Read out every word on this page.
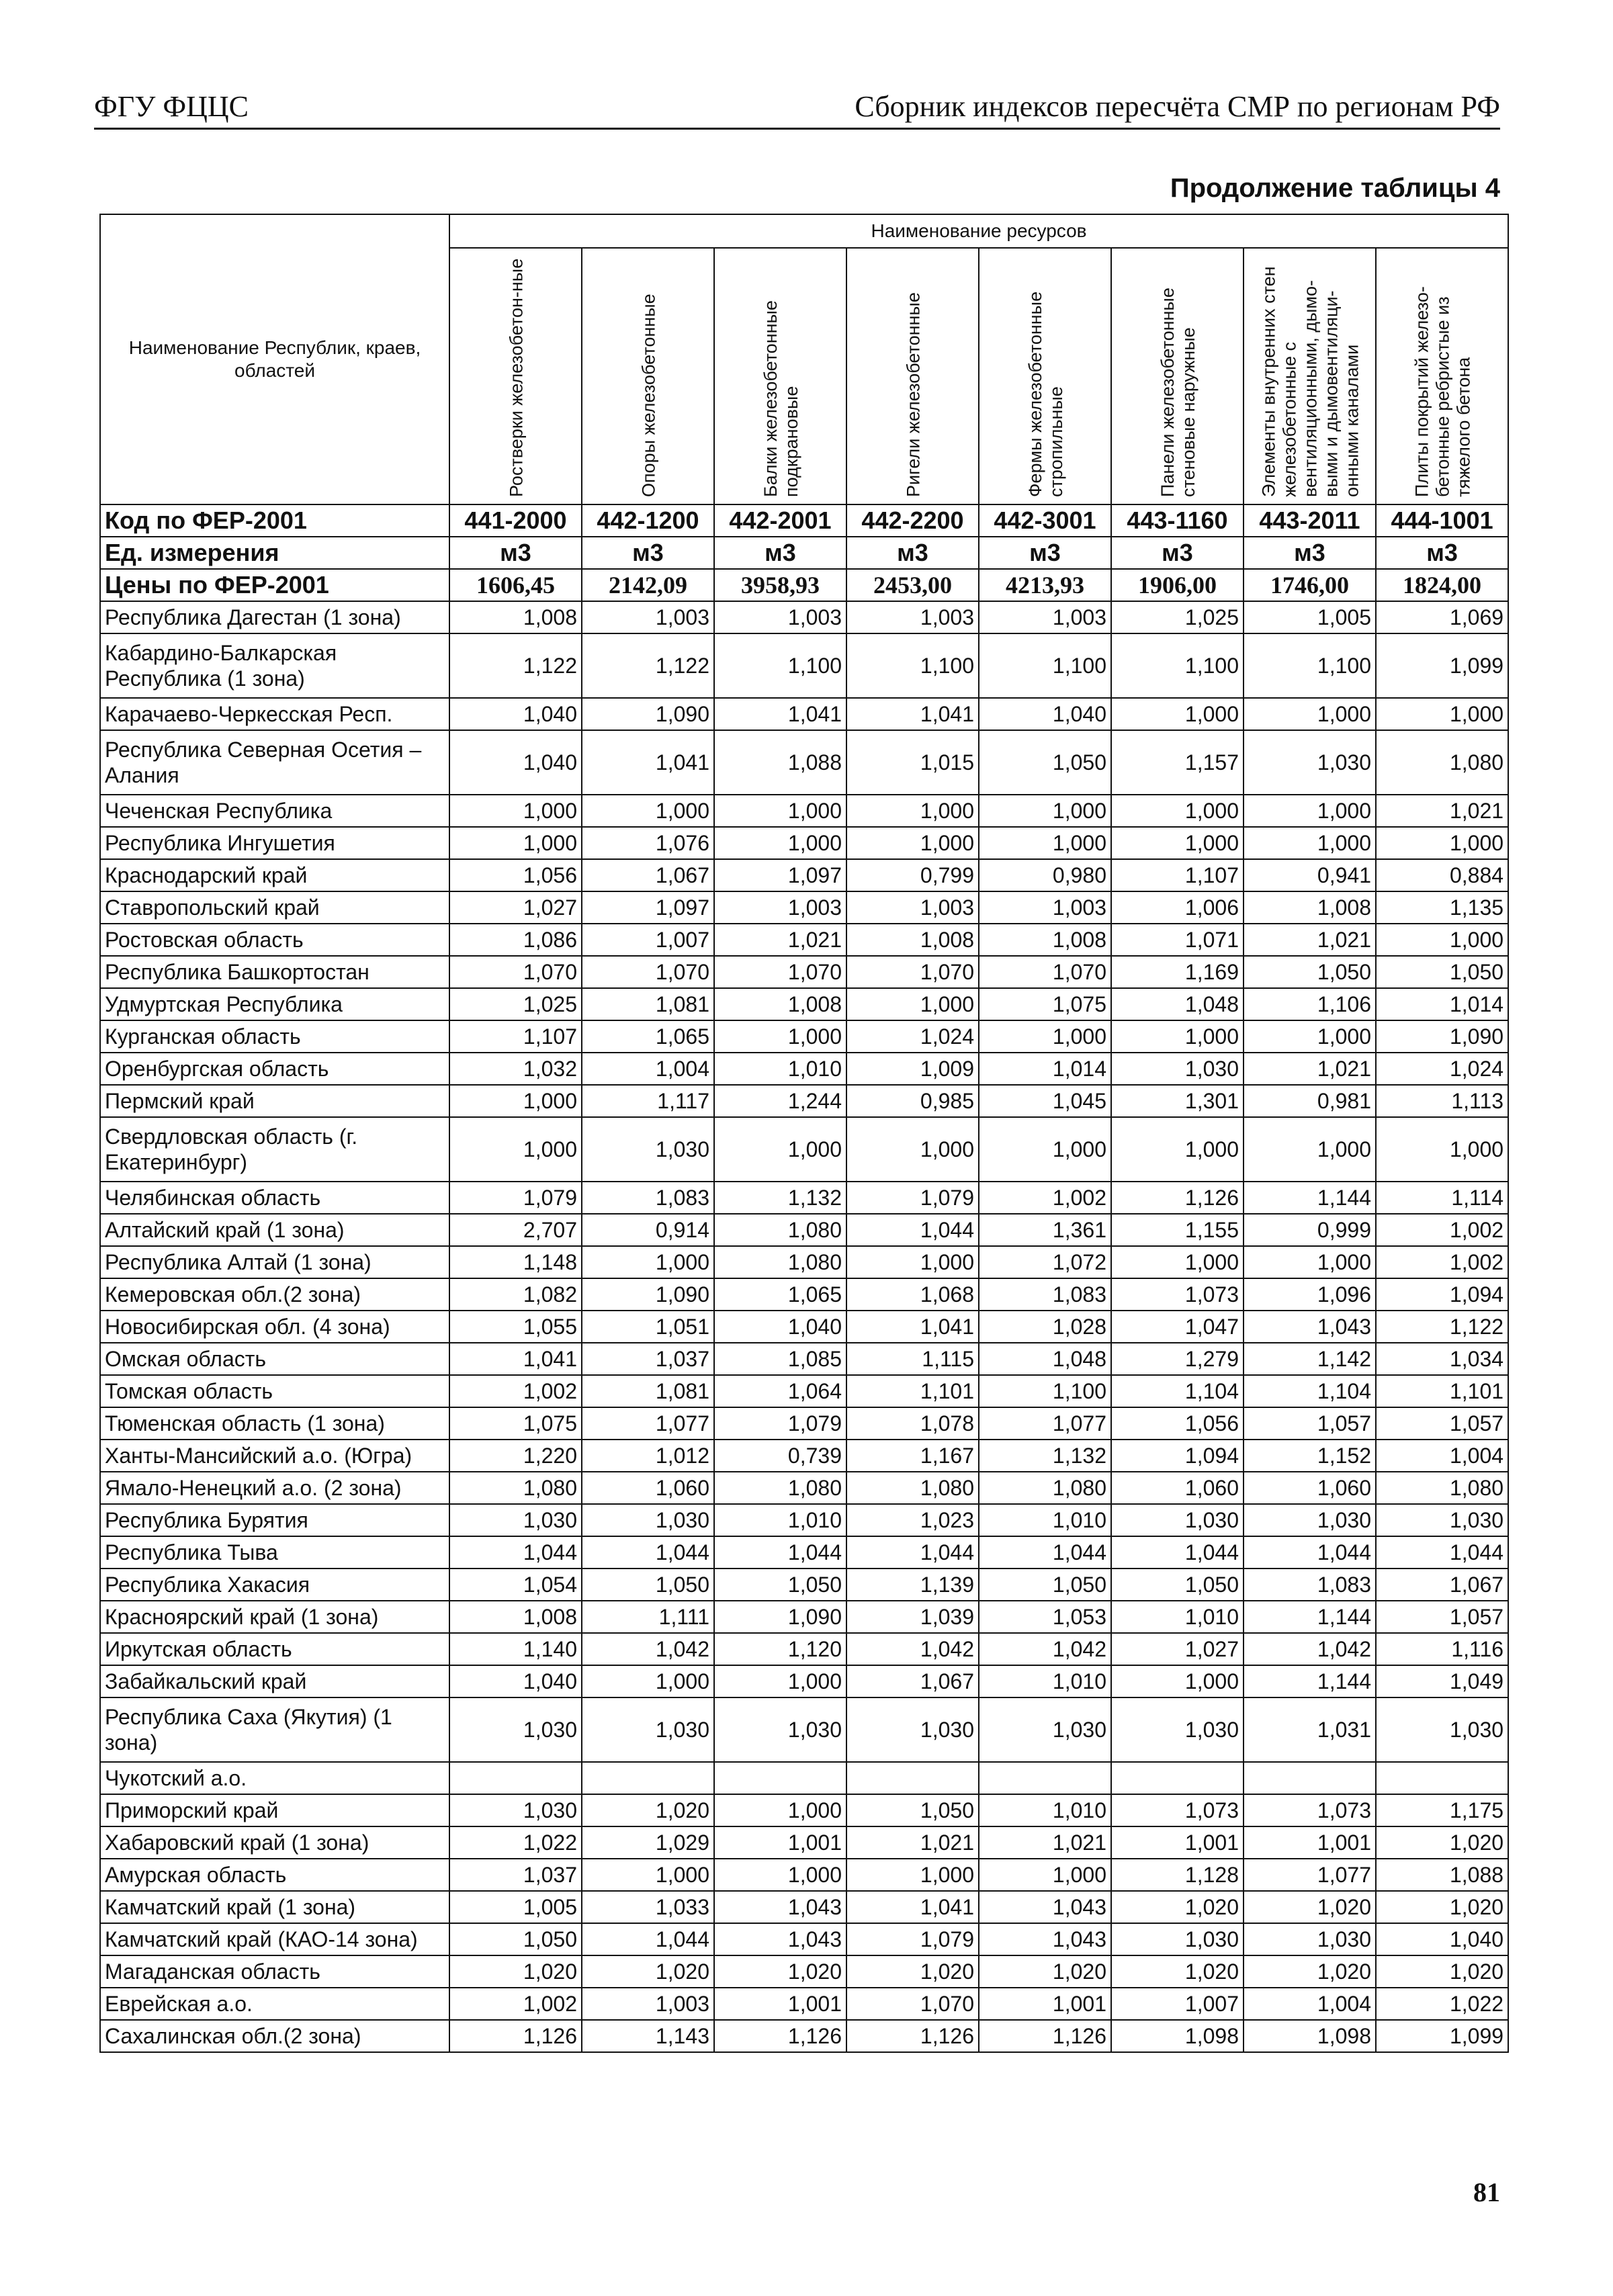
ФГУ ФЦЦС	Сборник индексов пересчёта СМР по регионам РФ
Продолжение таблицы 4
Наименование Республик, краев, областей	Наименование ресурсов							

	Ростверки железобетон-ные	Опоры железобетонные	Балки железобетонные подкрановые	Ригели железобетонные	Фермы железобетонные стропильные	Панели железобетонные стеновые наружные	Элементы внутренних стен железобетонные с вентиляционными, дымо-выми и дымовентиляци-онными каналами	Плиты покрытий железо-бетонные ребристые из тяжелого бетона

Код по ФЕР-2001	441-2000	442-1200	442-2001	442-2200	442-3001	443-1160	443-2011	444-1001
Ед. измерения	м3	м3	м3	м3	м3	м3	м3	м3
Цены по ФЕР-2001	1606,45	2142,09	3958,93	2453,00	4213,93	1906,00	1746,00	1824,00
Республика Дагестан (1 зона)	1,008	1,003	1,003	1,003	1,003	1,025	1,005	1,069
Кабардино-Балкарская Республика (1 зона)	1,122	1,122	1,100	1,100	1,100	1,100	1,100	1,099
Карачаево-Черкесская Респ.	1,040	1,090	1,041	1,041	1,040	1,000	1,000	1,000
Республика Северная Осетия – Алания	1,040	1,041	1,088	1,015	1,050	1,157	1,030	1,080
Чеченская Республика	1,000	1,000	1,000	1,000	1,000	1,000	1,000	1,021
Республика Ингушетия	1,000	1,076	1,000	1,000	1,000	1,000	1,000	1,000
Краснодарский край	1,056	1,067	1,097	0,799	0,980	1,107	0,941	0,884
Ставропольский край	1,027	1,097	1,003	1,003	1,003	1,006	1,008	1,135
Ростовская область	1,086	1,007	1,021	1,008	1,008	1,071	1,021	1,000
Республика Башкортостан	1,070	1,070	1,070	1,070	1,070	1,169	1,050	1,050
Удмуртская Республика	1,025	1,081	1,008	1,000	1,075	1,048	1,106	1,014
Курганская область	1,107	1,065	1,000	1,024	1,000	1,000	1,000	1,090
Оренбургская область	1,032	1,004	1,010	1,009	1,014	1,030	1,021	1,024
Пермский край	1,000	1,117	1,244	0,985	1,045	1,301	0,981	1,113
Свердловская область (г. Екатеринбург)	1,000	1,030	1,000	1,000	1,000	1,000	1,000	1,000
Челябинская область	1,079	1,083	1,132	1,079	1,002	1,126	1,144	1,114
Алтайский край (1 зона)	2,707	0,914	1,080	1,044	1,361	1,155	0,999	1,002
Республика Алтай (1 зона)	1,148	1,000	1,080	1,000	1,072	1,000	1,000	1,002
Кемеровская обл.(2 зона)	1,082	1,090	1,065	1,068	1,083	1,073	1,096	1,094
Новосибирская обл. (4 зона)	1,055	1,051	1,040	1,041	1,028	1,047	1,043	1,122
Омская область	1,041	1,037	1,085	1,115	1,048	1,279	1,142	1,034
Томская область	1,002	1,081	1,064	1,101	1,100	1,104	1,104	1,101
Тюменская область (1 зона)	1,075	1,077	1,079	1,078	1,077	1,056	1,057	1,057
Ханты-Мансийский а.о. (Югра)	1,220	1,012	0,739	1,167	1,132	1,094	1,152	1,004
Ямало-Ненецкий а.о. (2 зона)	1,080	1,060	1,080	1,080	1,080	1,060	1,060	1,080
Республика Бурятия	1,030	1,030	1,010	1,023	1,010	1,030	1,030	1,030
Республика Тыва	1,044	1,044	1,044	1,044	1,044	1,044	1,044	1,044
Республика Хакасия	1,054	1,050	1,050	1,139	1,050	1,050	1,083	1,067
Красноярский край (1 зона)	1,008	1,111	1,090	1,039	1,053	1,010	1,144	1,057
Иркутская область	1,140	1,042	1,120	1,042	1,042	1,027	1,042	1,116
Забайкальский край	1,040	1,000	1,000	1,067	1,010	1,000	1,144	1,049
Республика Саха (Якутия) (1 зона)	1,030	1,030	1,030	1,030	1,030	1,030	1,031	1,030
Чукотский а.о.								
Приморский край	1,030	1,020	1,000	1,050	1,010	1,073	1,073	1,175
Хабаровский край (1 зона)	1,022	1,029	1,001	1,021	1,021	1,001	1,001	1,020
Амурская область	1,037	1,000	1,000	1,000	1,000	1,128	1,077	1,088
Камчатский край (1 зона)	1,005	1,033	1,043	1,041	1,043	1,020	1,020	1,020
Камчатский край (КАО-14 зона)	1,050	1,044	1,043	1,079	1,043	1,030	1,030	1,040
Магаданская область	1,020	1,020	1,020	1,020	1,020	1,020	1,020	1,020
Еврейская а.о.	1,002	1,003	1,001	1,070	1,001	1,007	1,004	1,022
Сахалинская обл.(2 зона)	1,126	1,143	1,126	1,126	1,126	1,098	1,098	1,099
81
